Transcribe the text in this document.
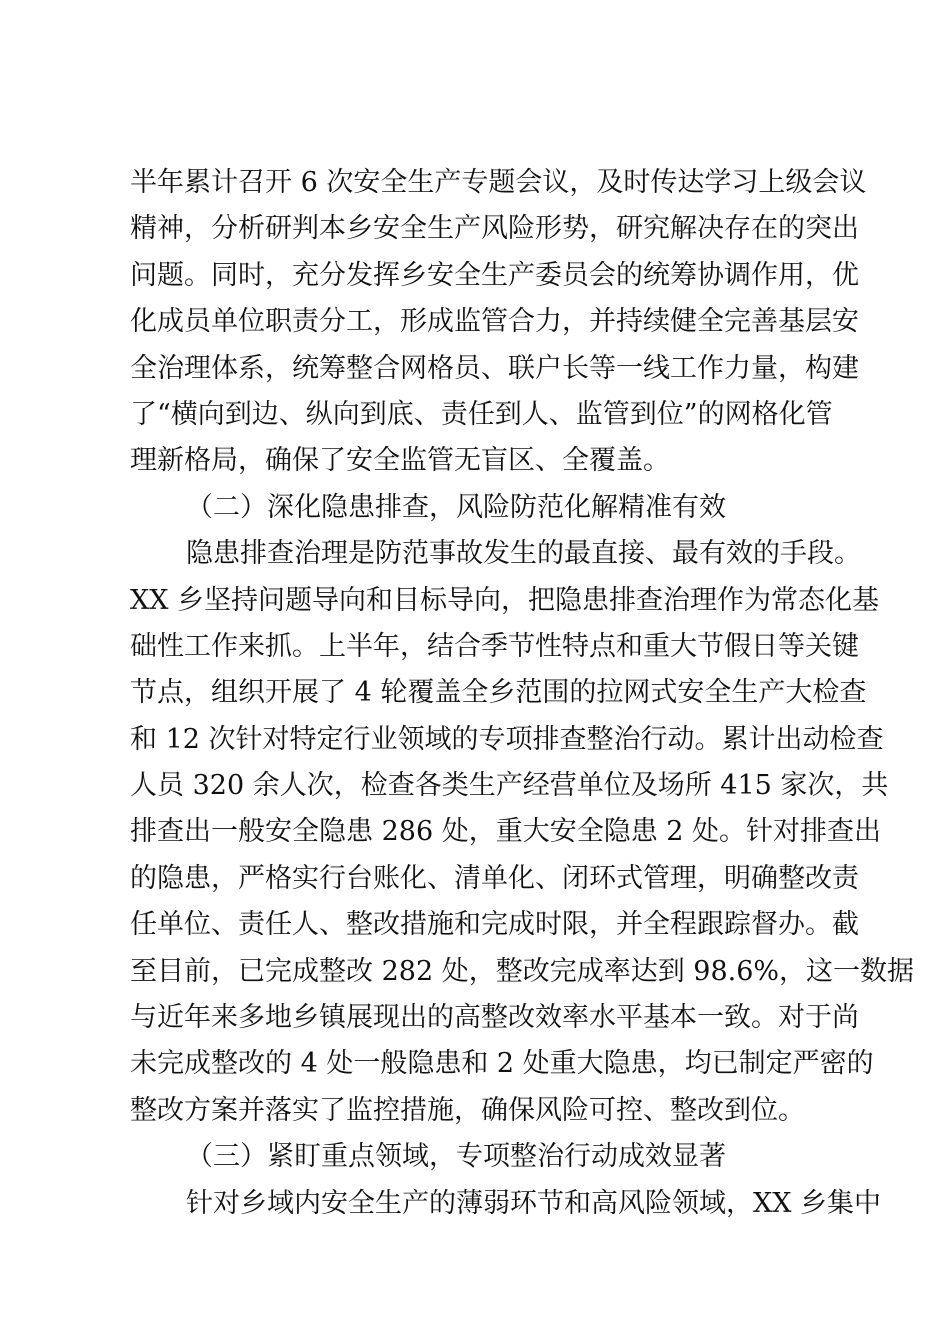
半年累计召开 6 次安全生产专题会议，及时传达学习上级会议
精神，分析研判本乡安全生产风险形势，研究解决存在的突出
问题。同时，充分发挥乡安全生产委员会的统筹协调作用，优
化成员单位职责分工，形成监管合力，并持续健全完善基层安
全治理体系，统筹整合网格员、联户长等一线工作力量，构建
了“横向到边、纵向到底、责任到人、监管到位”的网格化管
理新格局，确保了安全监管无盲区、全覆盖。
（二）深化隐患排查，风险防范化解精准有效
隐患排查治理是防范事故发生的最直接、最有效的手段。
XX 乡坚持问题导向和目标导向，把隐患排查治理作为常态化基
础性工作来抓。上半年，结合季节性特点和重大节假日等关键
节点，组织开展了 4 轮覆盖全乡范围的拉网式安全生产大检查
和 12 次针对特定行业领域的专项排查整治行动。累计出动检查
人员 320 余人次，检查各类生产经营单位及场所 415 家次，共
排查出一般安全隐患 286 处，重大安全隐患 2 处。针对排查出
的隐患，严格实行台账化、清单化、闭环式管理，明确整改责
任单位、责任人、整改措施和完成时限，并全程跟踪督办。截
至目前，已完成整改 282 处，整改完成率达到 98.6%，这一数据
与近年来多地乡镇展现出的高整改效率水平基本一致。对于尚
未完成整改的 4 处一般隐患和 2 处重大隐患，均已制定严密的
整改方案并落实了监控措施，确保风险可控、整改到位。
（三）紧盯重点领域，专项整治行动成效显著
针对乡域内安全生产的薄弱环节和高风险领域，XX 乡集中
